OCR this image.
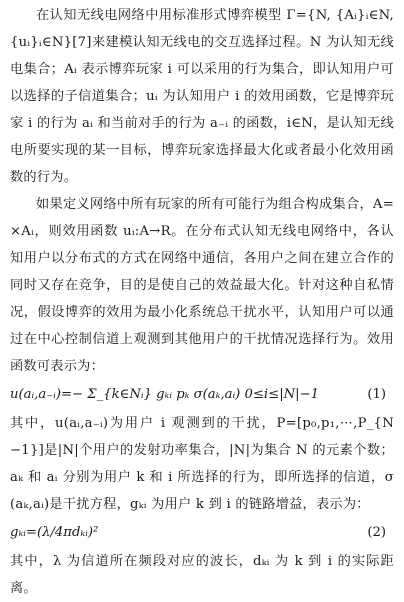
在认知无线电网络中用标准形式博弈模型 Γ={N, {Aᵢ}ᵢ∈N, {uᵢ}ᵢ∈N}[7]来建模认知无线电的交互选择过程。N 为认知无线电集合；Aᵢ 表示博弈玩家 i 可以采用的行为集合，即认知用户可以选择的子信道集合；uᵢ 为认知用户 i 的效用函数，它是博弈玩家 i 的行为 aᵢ 和当前对手的行为 a₋ᵢ 的函数，i∈N，是认知无线电所要实现的某一目标，博弈玩家选择最大化或者最小化效用函数的行为。

如果定义网络中所有玩家的所有可能行为组合构成集合，A=×Aᵢ，则效用函数 uᵢ:A→R。在分布式认知无线电网络中，各认知用户以分布式的方式在网络中通信，各用户之间在建立合作的同时又存在竞争，目的是使自己的效益最大化。针对这种自私情况，假设博弈的效用为最小化系统总干扰水平，认知用户可以通过在中心控制信道上观测到其他用户的干扰情况选择行为。效用函数可表示为：

u(aᵢ,a₋ᵢ)=− Σ_{k∈Nᵢ} gₖᵢ pₖ σ(aₖ,aᵢ) 0≤i≤|N|−1	(1)

其中，u(aᵢ,a₋ᵢ)为用户 i 观测到的干扰，P=[p₀,p₁,⋯,P_{N−1}]是|N|个用户的发射功率集合，|N|为集合 N 的元素个数；aₖ 和 aᵢ 分别为用户 k 和 i 所选择的行为，即所选择的信道，σ(aₖ,aᵢ)是干扰方程，gₖᵢ 为用户 k 到 i 的链路增益，表示为：

gₖᵢ=(λ/4πdₖᵢ)²	(2)

其中，λ 为信道所在频段对应的波长，dₖᵢ 为 k 到 i 的实际距离。
